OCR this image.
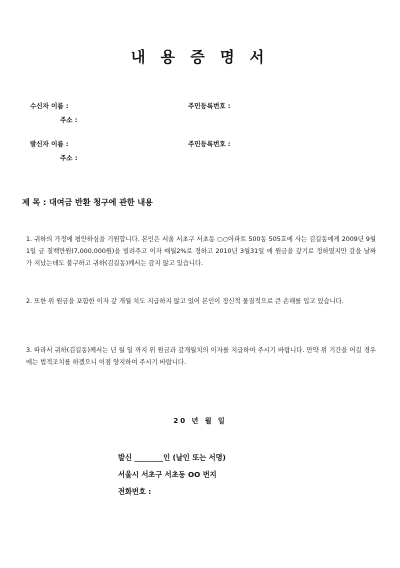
내 용 증 명 서
수신자 이름 :	주민등록번호 :
주소 :
발신자 이름 :	주민등록번호 :
주소 :
제 목 : 대여금 반환 청구에 관한 내용
1. 귀하의 가정에 평안하심을 기원합니다. 본인은 서울 서초구 서초동 ○○아파트 500동 505호에 사는 김길동에게 2009년 9월1일 금 칠백만원(7,000,000원)을 빌려주고 이자 매월2%로 정하고 2010년 3월31일 에 원금을 갚기로 정하였지만 갚을 날짜가 지났는데도 불구하고 귀하(김길동)께서는 갚지 않고 있습니다.
2. 또한 위 원금을 포함한 이자 갚 개월 치도 지급하지 않고 있어 본인이 정신적 물질적으로 큰 손해를 입고 있습니다.
3. 따라서 귀하(김길동)께서는 년 월 일 까지 위 원금과 갚개월치의 이자를 지급하여 주시기 바랍니다. 만약 위 기간을 어길 경우에는 법적조치를 하겠으니 이점 양지하여 주시기 바랍니다.
20 년 월 일
발신 ________인 (날인 또는 서명)
서울시 서초구 서초동 OO 번지
전화번호 :
